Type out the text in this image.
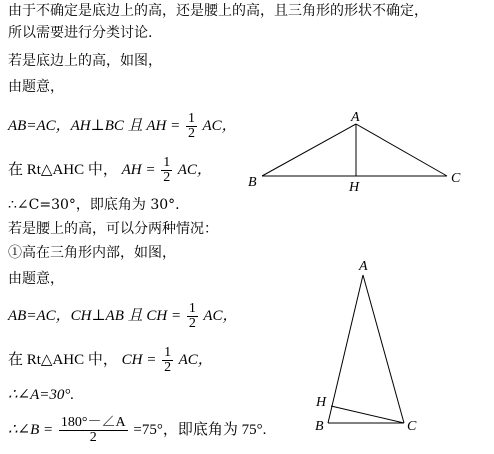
由于不确定是底边上的高，还是腰上的高，且三角形的形状不确定，
所以需要进行分类讨论.
若是底边上的高，如图，
由题意，
AB=AC，AH⊥BC 且 AH = $\frac{1}{2}$ AC，
在 Rt△AHC 中， AH = $\frac{1}{2}$ AC，
∴∠C=30°，即底角为 30°.
若是腰上的高，可以分两种情况：
①高在三角形内部，如图，
由题意，
AB=AC，CH⊥AB 且 CH = $\frac{1}{2}$ AC，
在 Rt△AHC 中， CH = $\frac{1}{2}$ AC，
∴∠A=30°.
∴∠B = $\frac{180^\circ-\angle A}{2} =75^\circ$，即底角为 75°.
A
B	C
H
A
B	C
H
